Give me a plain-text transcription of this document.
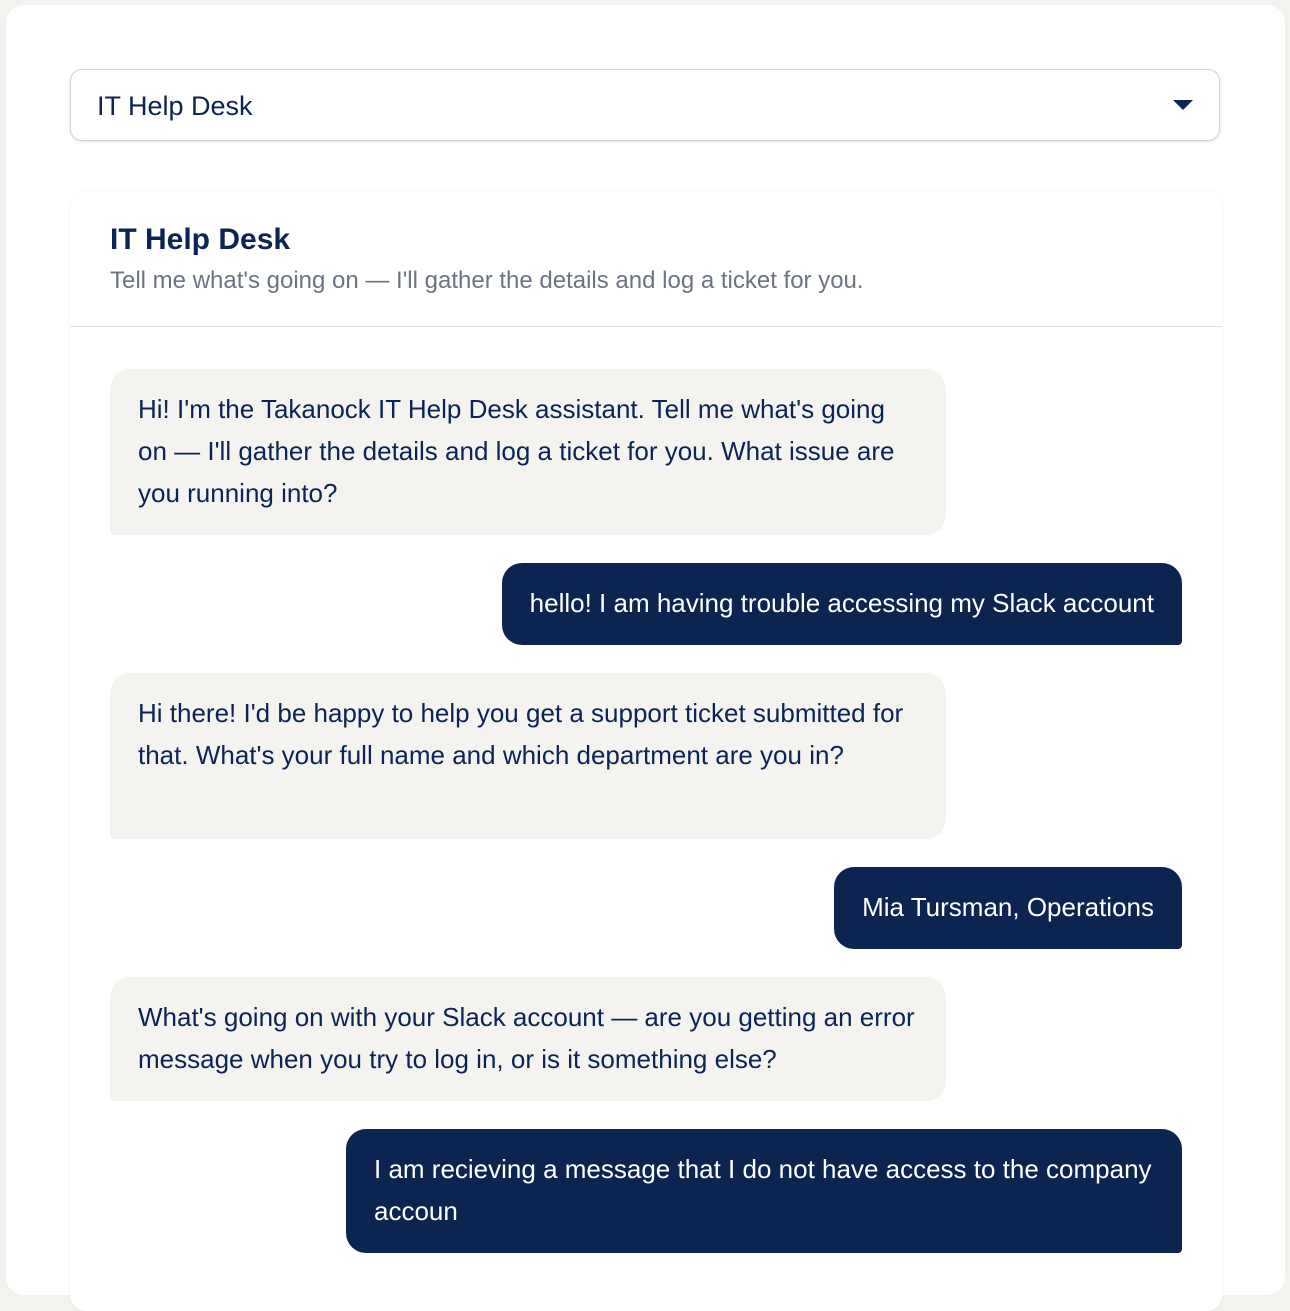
IT Help Desk
IT Help Desk
Tell me what's going on — I'll gather the details and log a ticket for you.
Hi! I'm the Takanock IT Help Desk assistant. Tell me what's going on — I'll gather the details and log a ticket for you. What issue are you running into?
hello! I am having trouble accessing my Slack account
Hi there! I'd be happy to help you get a support ticket submitted for that. What's your full name and which department are you in?
Mia Tursman, Operations
What's going on with your Slack account — are you getting an error message when you try to log in, or is it something else?
I am recieving a message that I do not have access to the company accoun
